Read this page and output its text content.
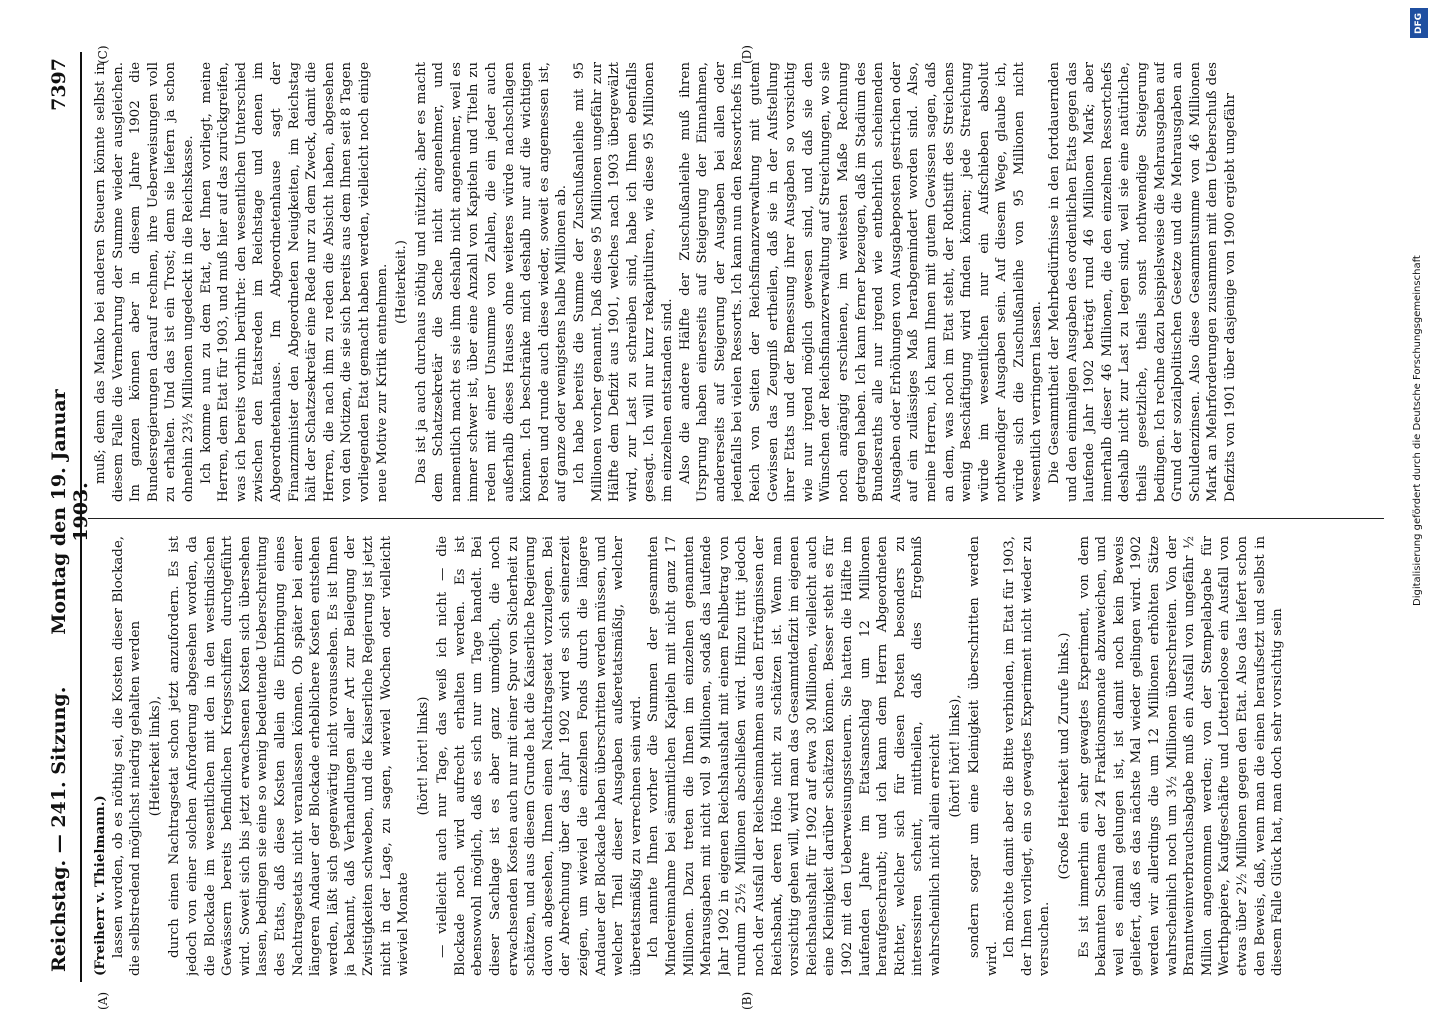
Reichstag. — 241. Sitzung.
Montag den 19. Januar 1903.
7397
(A)	(B)
(C)	(D)

(Freiherr v. Thielmann.) lassen worden, ob es nöthig sei, die Kosten dieser Blockade, die selbstredend möglichst niedrig gehalten werden (Heiterkeit links), durch einen Nachtragsetat schon jetzt anzufordern. Es ist jedoch von einer solchen Anforderung abgesehen worden, da die Blockade im wesentlichen mit den in den westindischen Gewässern bereits befindlichen Kriegsschiffen durchgeführt wird. Soweit sich bis jetzt erwachsenen Kosten sich übersehen lassen, bedingen sie eine so wenig bedeutende Ueberschreitung des Etats, daß diese Kosten allein die Einbringung eines Nachtragsetats nicht veranlassen können. Ob später bei einer längeren Andauer der Blockade erheblichere Kosten entstehen werden, läßt sich gegenwärtig nicht voraussehen. Es ist Ihnen ja bekannt, daß Verhandlungen aller Art zur Beilegung der Zwistigkeiten schweben, und die Kaiserliche Regierung ist jetzt nicht in der Lage, zu sagen, wieviel Wochen oder vielleicht wieviel Monate

(hört! hört! links) — vielleicht auch nur Tage, das weiß ich nicht — die Blockade noch wird aufrecht erhalten werden. Es ist ebensowohl möglich, daß es sich nur um Tage handelt. Bei dieser Sachlage ist es aber ganz unmöglich, die noch erwachsenden Kosten auch nur mit einer Spur von Sicherheit zu schätzen, und aus diesem Grunde hat die Kaiserliche Regierung davon abgesehen, Ihnen einen Nachtragsetat vorzulegen. Bei der Abrechnung über das Jahr 1902 wird es sich seinerzeit zeigen, um wieviel die einzelnen Fonds durch die längere Andauer der Blockade haben überschritten werden müssen, und welcher Theil dieser Ausgaben außeretatsmäßig, welcher überetatsmäßig zu verrechnen sein wird. Ich nannte Ihnen vorher die Summen der gesammten Mindereinnahme bei sämmtlichen Kapiteln mit nicht ganz 17 Millionen. Dazu treten die Ihnen im einzelnen genannten Mehrausgaben mit nicht voll 9 Millionen, sodaß das laufende Jahr 1902 in eigenen Reichshaushalt mit einem Fehlbetrag von rundum 25½ Millionen abschließen wird. Hinzu tritt jedoch noch der Ausfall der Reichseinnahmen aus den Erträgnissen der Reichsbank, deren Höhe nicht zu schätzen ist. Wenn man vorsichtig gehen will, wird man das Gesammtdefizit im eigenen Reichshaushalt für 1902 auf etwa 30 Millionen, vielleicht auch eine Kleinigkeit darüber schätzen können. Besser steht es für 1902 mit den Ueberweisungssteuern. Sie hatten die Hälfte im laufenden Jahre im Etatsanschlag um 12 Millionen heraufgeschraubt; und ich kann dem Herrn Abgeordneten Richter, welcher sich für diesen Posten besonders zu interessiren scheint, mittheilen, daß dies Ergebniß wahrscheinlich nicht allein erreicht (hört! hört! links), sondern sogar um eine Kleinigkeit überschritten werden wird.

Ich möchte damit aber die Bitte verbinden, im Etat für 1903, der Ihnen vorliegt, ein so gewagtes Experiment nicht wieder zu versuchen.

(Große Heiterkeit und Zurufe links.) Es ist immerhin ein sehr gewagtes Experiment, von dem bekannten Schema der 24 Fraktionsmonate abzuweichen, und weil es einmal gelungen ist, ist damit noch kein Beweis geliefert, daß es das nächste Mal wieder gelingen wird. 1902 werden wir allerdings die um 12 Millionen erhöhten Sätze wahrscheinlich noch um 3½ Millionen überschreiten. Von der Branntweinverbrauchsabgabe muß ein Ausfall von ungefähr ½ Million angenommen werden; von der Stempelabgabe für Werthpapiere, Kaufgeschäfte und Lotterieloose ein Ausfall von etwas über 2½ Millionen gegen den Etat. Also das liefert schon den Beweis, daß, wenn man die einen heraufsetzt und selbst in diesem Falle Glück hat, man doch sehr vorsichtig sein

muß; denn das Manko bei anderen Steuern könnte selbst in diesem Falle die Vermehrung der Summe wieder ausgleichen. Im ganzen können aber in diesem Jahre 1902 die Bundesregierungen darauf rechnen, ihre Ueberweisungen voll zu erhalten. Und das ist ein Trost; denn sie liefern ja schon ohnehin 23½ Millionen ungedeckt in die Reichskasse. Ich komme nun zu dem Etat, der Ihnen vorliegt, meine Herren, dem Etat für 1903, und muß hier auf das zurückgreifen, was ich bereits vorhin berührte: den wesentlichen Unterschied zwischen den Etatsreden im Reichstage und denen im Abgeordnetenhause. Im Abgeordnetenhause sagt der Finanzminister den Abgeordneten Neuigkeiten, im Reichstag hält der Schatzsekretär eine Rede nur zu dem Zweck, damit die Herren, die nach ihm zu reden die Absicht haben, abgesehen von den Notizen, die sie sich bereits aus dem Ihnen seit 8 Tagen vorliegenden Etat gemacht haben werden, vielleicht noch einige neue Motive zur Kritik entnehmen. (Heiterkeit.) Das ist ja auch durchaus nöthig und nützlich; aber es macht dem Schatzsekretär die Sache nicht angenehmer, und namentlich macht es sie ihm deshalb nicht angenehmer, weil es immer schwer ist, über eine Anzahl von Kapiteln und Titeln zu reden mit einer Unsumme von Zahlen, die ein jeder auch außerhalb dieses Hauses ohne weiteres würde nachschlagen können. Ich beschränke mich deshalb nur auf die wichtigen Posten und runde auch diese wieder, soweit es angemessen ist, auf ganze oder wenigstens halbe Millionen ab. Ich habe bereits die Summe der Zuschußanleihe mit 95 Millionen vorher genannt. Daß diese 95 Millionen ungefähr zur Hälfte dem Defizit aus 1901, welches nach 1903 übergewälzt wird, zur Last zu schreiben sind, habe ich Ihnen ebenfalls gesagt. Ich will nur kurz rekapituliren, wie diese 95 Millionen im einzelnen entstanden sind. Also die andere Hälfte der Zuschußanleihe muß ihren Ursprung haben einerseits auf Steigerung der Einnahmen, andererseits auf Steigerung der Ausgaben bei allen oder jedenfalls bei vielen Ressorts. Ich kann nun den Ressortchefs im Reich von Seiten der Reichsfinanzverwaltung mit gutem Gewissen das Zeugniß ertheilen, daß sie in der Aufstellung ihrer Etats und der Bemessung ihrer Ausgaben so vorsichtig wie nur irgend möglich gewesen sind, und daß sie den Wünschen der Reichsfinanzverwaltung auf Streichungen, wo sie noch angängig erschienen, im weitesten Maße Rechnung getragen haben. Ich kann ferner bezeugen, daß im Stadium des Bundesraths alle nur irgend wie entbehrlich scheinenden Ausgaben oder Erhöhungen von Ausgabeposten gestrichen oder auf ein zulässiges Maß herabgemindert worden sind. Also, meine Herren, ich kann Ihnen mit gutem Gewissen sagen, daß an dem, was noch im Etat steht, der Rothstift des Streichens wenig Beschäftigung wird finden können; jede Streichung würde im wesentlichen nur ein Aufschieben absolut nothwendiger Ausgaben sein. Auf diesem Wege, glaube ich, würde sich die Zuschußanleihe von 95 Millionen nicht wesentlich verringern lassen. Die Gesammtheit der Mehrbedürfnisse in den fortdauernden und den einmaligen Ausgaben des ordentlichen Etats gegen das laufende Jahr 1902 beträgt rund 46 Millionen Mark; aber innerhalb dieser 46 Millionen, die den einzelnen Ressortchefs deshalb nicht zur Last zu legen sind, weil sie eine natürliche, theils gesetzliche, theils sonst nothwendige Steigerung bedingen. Ich rechne dazu beispielsweise die Mehrausgaben auf Grund der sozialpolitischen Gesetze und die Mehrausgaben an Schuldenzinsen. Also diese Gesammtsumme von 46 Millionen Mark an Mehrforderungen zusammen mit dem Ueberschuß des Defizits von 1901 über dasjenige von 1900 ergiebt ungefähr

DFG
Digitalisierung gefördert durch die Deutsche Forschungsgemeinschaft
